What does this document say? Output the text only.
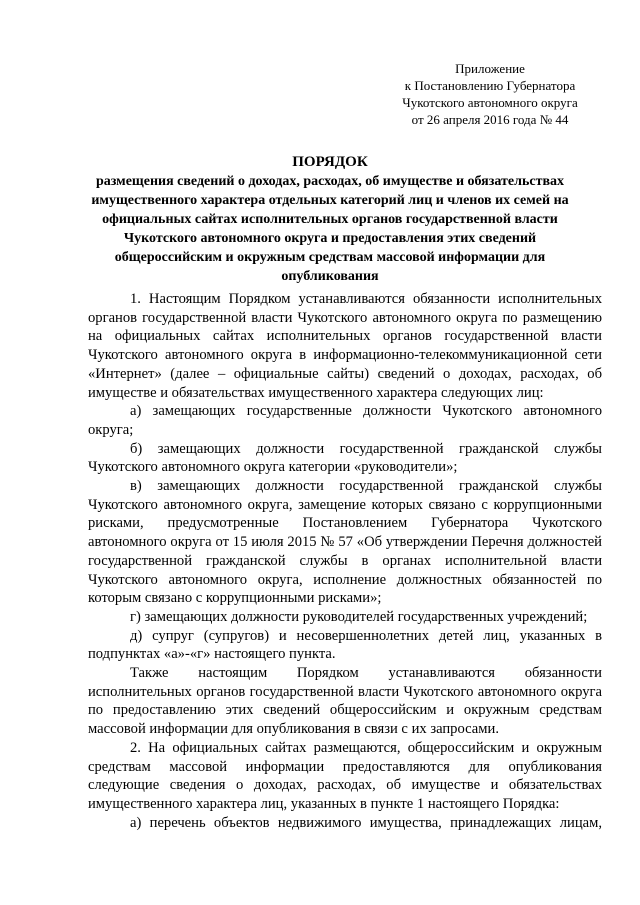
Приложение
к Постановлению Губернатора
Чукотского автономного округа
от 26 апреля 2016 года № 44
ПОРЯДОК
размещения сведений о доходах, расходах, об имуществе и обязательствах
имущественного характера отдельных категорий лиц и членов их семей на
официальных сайтах исполнительных органов государственной власти
Чукотского автономного округа и предоставления этих сведений
общероссийским и окружным средствам массовой информации для
опубликования

1. Настоящим Порядком устанавливаются обязанности исполнительных органов государственной власти Чукотского автономного округа по размещению на официальных сайтах исполнительных органов государственной власти Чукотского автономного округа в информационно-телекоммуникационной сети «Интернет» (далее – официальные сайты) сведений о доходах, расходах, об имуществе и обязательствах имущественного характера следующих лиц:

а) замещающих государственные должности Чукотского автономного округа;

б) замещающих должности государственной гражданской службы Чукотского автономного округа категории «руководители»;

в) замещающих должности государственной гражданской службы Чукотского автономного округа, замещение которых связано с коррупционными рисками, предусмотренные Постановлением Губернатора Чукотского автономного округа от 15 июля 2015 № 57 «Об утверждении Перечня должностей государственной гражданской службы в органах исполнительной власти Чукотского автономного округа, исполнение должностных обязанностей по которым связано с коррупционными рисками»;

г) замещающих должности руководителей государственных учреждений;

д) супруг (супругов) и несовершеннолетних детей лиц, указанных в подпунктах «а»-«г» настоящего пункта.

Также настоящим Порядком устанавливаются обязанности исполнительных органов государственной власти Чукотского автономного округа по предоставлению этих сведений общероссийским и окружным средствам массовой информации для опубликования в связи с их запросами.

2. На официальных сайтах размещаются, общероссийским и окружным средствам массовой информации предоставляются для опубликования следующие сведения о доходах, расходах, об имуществе и обязательствах имущественного характера лиц, указанных в пункте 1 настоящего Порядка:

а) перечень объектов недвижимого имущества, принадлежащих лицам,
